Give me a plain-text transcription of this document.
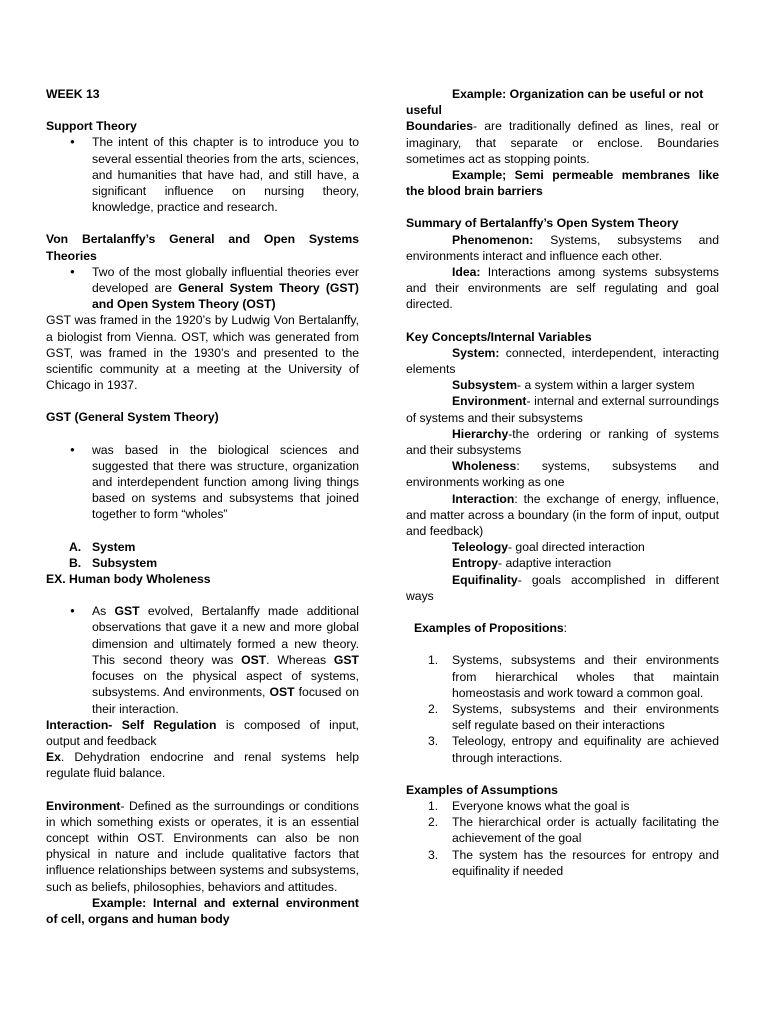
WEEK 13

Support Theory

● The intent of this chapter is to introduce you to several essential theories from the arts, sciences, and humanities that have had, and still have, a significant influence on nursing theory, knowledge, practice and research.

Von Bertalanffy’s General and Open Systems Theories

● Two of the most globally influential theories ever developed are General System Theory (GST) and Open System Theory (OST)

GST was framed in the 1920’s by Ludwig Von Bertalanffy, a biologist from Vienna. OST, which was generated from GST, was framed in the 1930’s and presented to the scientific community at a meeting at the University of Chicago in 1937.

GST (General System Theory)

● was based in the biological sciences and suggested that there was structure, organization and interdependent function among living things based on systems and subsystems that joined together to form “wholes”
A. System
B. Subsystem

EX. Human body Wholeness

● As GST evolved, Bertalanffy made additional observations that gave it a new and more global dimension and ultimately formed a new theory. This second theory was OST. Whereas GST focuses on the physical aspect of systems, subsystems. And environments, OST focused on their interaction.

Interaction- Self Regulation is composed of input, output and feedback

Ex. Dehydration endocrine and renal systems help regulate fluid balance.

Environment- Defined as the surroundings or conditions in which something exists or operates, it is an essential concept within OST. Environments can also be non physical in nature and include qualitative factors that influence relationships between systems and subsystems, such as beliefs, philosophies, behaviors and attitudes.

Example: Internal and external environment of cell, organs and human body

Example: Organization can be useful or not useful

Boundaries- are traditionally defined as lines, real or imaginary, that separate or enclose. Boundaries sometimes act as stopping points.

Example; Semi permeable membranes like the blood brain barriers

Summary of Bertalanffy’s Open System Theory

Phenomenon: Systems, subsystems and environments interact and influence each other.

Idea: Interactions among systems subsystems and their environments are self regulating and goal directed.

Key Concepts/Internal Variables

System: connected, interdependent, interacting elements

Subsystem- a system within a larger system

Environment- internal and external surroundings of systems and their subsystems

Hierarchy-the ordering or ranking of systems and their subsystems

Wholeness: systems, subsystems and environments working as one

Interaction: the exchange of energy, influence, and matter across a boundary (in the form of input, output and feedback)

Teleology- goal directed interaction

Entropy- adaptive interaction

Equifinality- goals accomplished in different ways

Examples of Propositions:

1. Systems, subsystems and their environments from hierarchical wholes that maintain homeostasis and work toward a common goal.
2. Systems, subsystems and their environments self regulate based on their interactions
3. Teleology, entropy and equifinality are achieved through interactions.

Examples of Assumptions

1. Everyone knows what the goal is
2. The hierarchical order is actually facilitating the achievement of the goal
3. The system has the resources for entropy and equifinality if needed
